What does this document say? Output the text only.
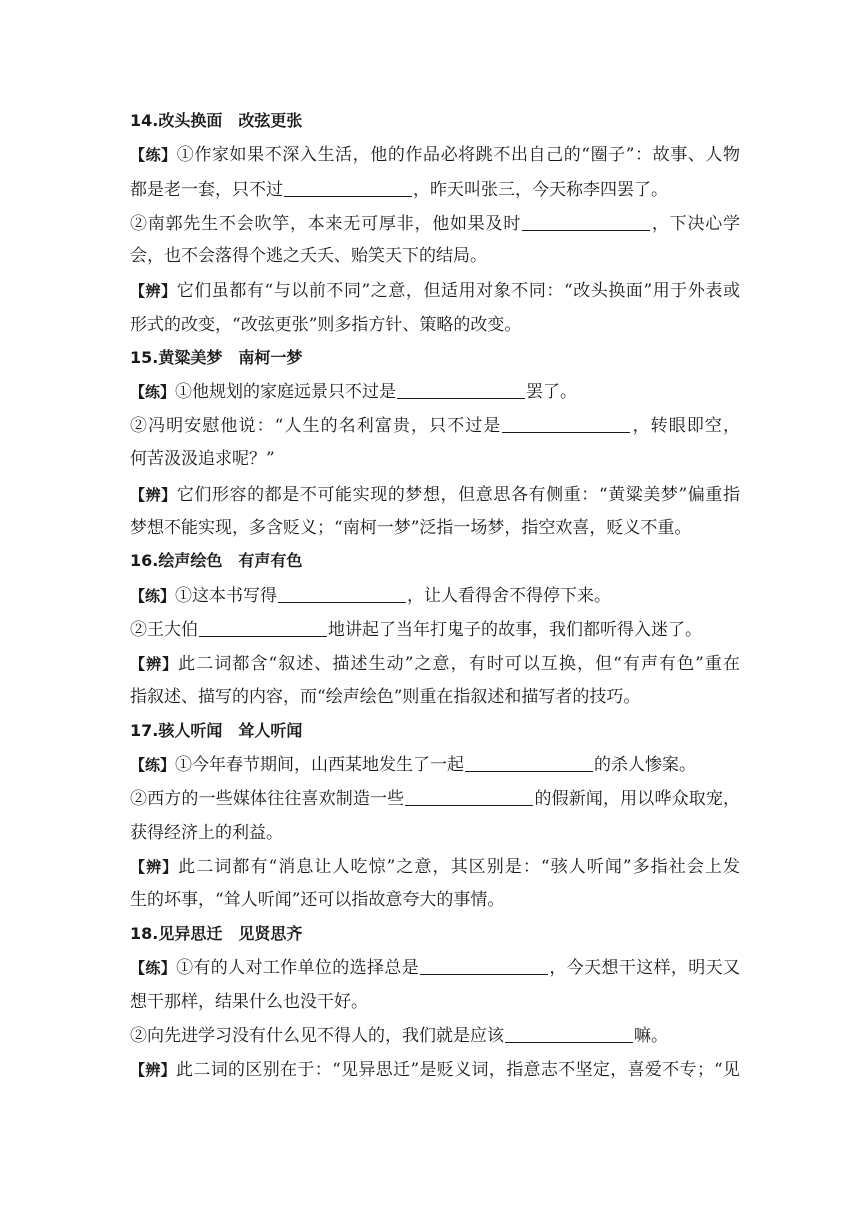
14.改头换面　改弦更张
【练】①作家如果不深入生活，他的作品必将跳不出自己的“圈子”：故事、人物
都是老一套，只不过	，昨天叫张三，今天称李四罢了。
②南郭先生不会吹竽，本来无可厚非，他如果及时	，下决心学
会，也不会落得个逃之夭夭、贻笑天下的结局。
【辨】它们虽都有“与以前不同”之意，但适用对象不同：“改头换面”用于外表或
形式的改变，“改弦更张”则多指方针、策略的改变。
15.黄粱美梦　南柯一梦
【练】①他规划的家庭远景只不过是	罢了。
②冯明安慰他说：“人生的名利富贵，只不过是	，转眼即空，
何苦汲汲追求呢？”
【辨】它们形容的都是不可能实现的梦想，但意思各有侧重：“黄粱美梦”偏重指
梦想不能实现，多含贬义；“南柯一梦”泛指一场梦，指空欢喜，贬义不重。
16.绘声绘色　有声有色
【练】①这本书写得	，让人看得舍不得停下来。
②王大伯	地讲起了当年打鬼子的故事，我们都听得入迷了。
【辨】此二词都含“叙述、描述生动”之意，有时可以互换，但“有声有色”重在
指叙述、描写的内容，而“绘声绘色”则重在指叙述和描写者的技巧。
17.骇人听闻　耸人听闻
【练】①今年春节期间，山西某地发生了一起	的杀人惨案。
②西方的一些媒体往往喜欢制造一些	的假新闻，用以哗众取宠，
获得经济上的利益。
【辨】此二词都有“消息让人吃惊”之意，其区别是：“骇人听闻”多指社会上发
生的坏事，“耸人听闻”还可以指故意夸大的事情。
18.见异思迁　见贤思齐
【练】①有的人对工作单位的选择总是	，今天想干这样，明天又
想干那样，结果什么也没干好。
②向先进学习没有什么见不得人的，我们就是应该	嘛。
【辨】此二词的区别在于：“见异思迁”是贬义词，指意志不坚定，喜爱不专；“见
